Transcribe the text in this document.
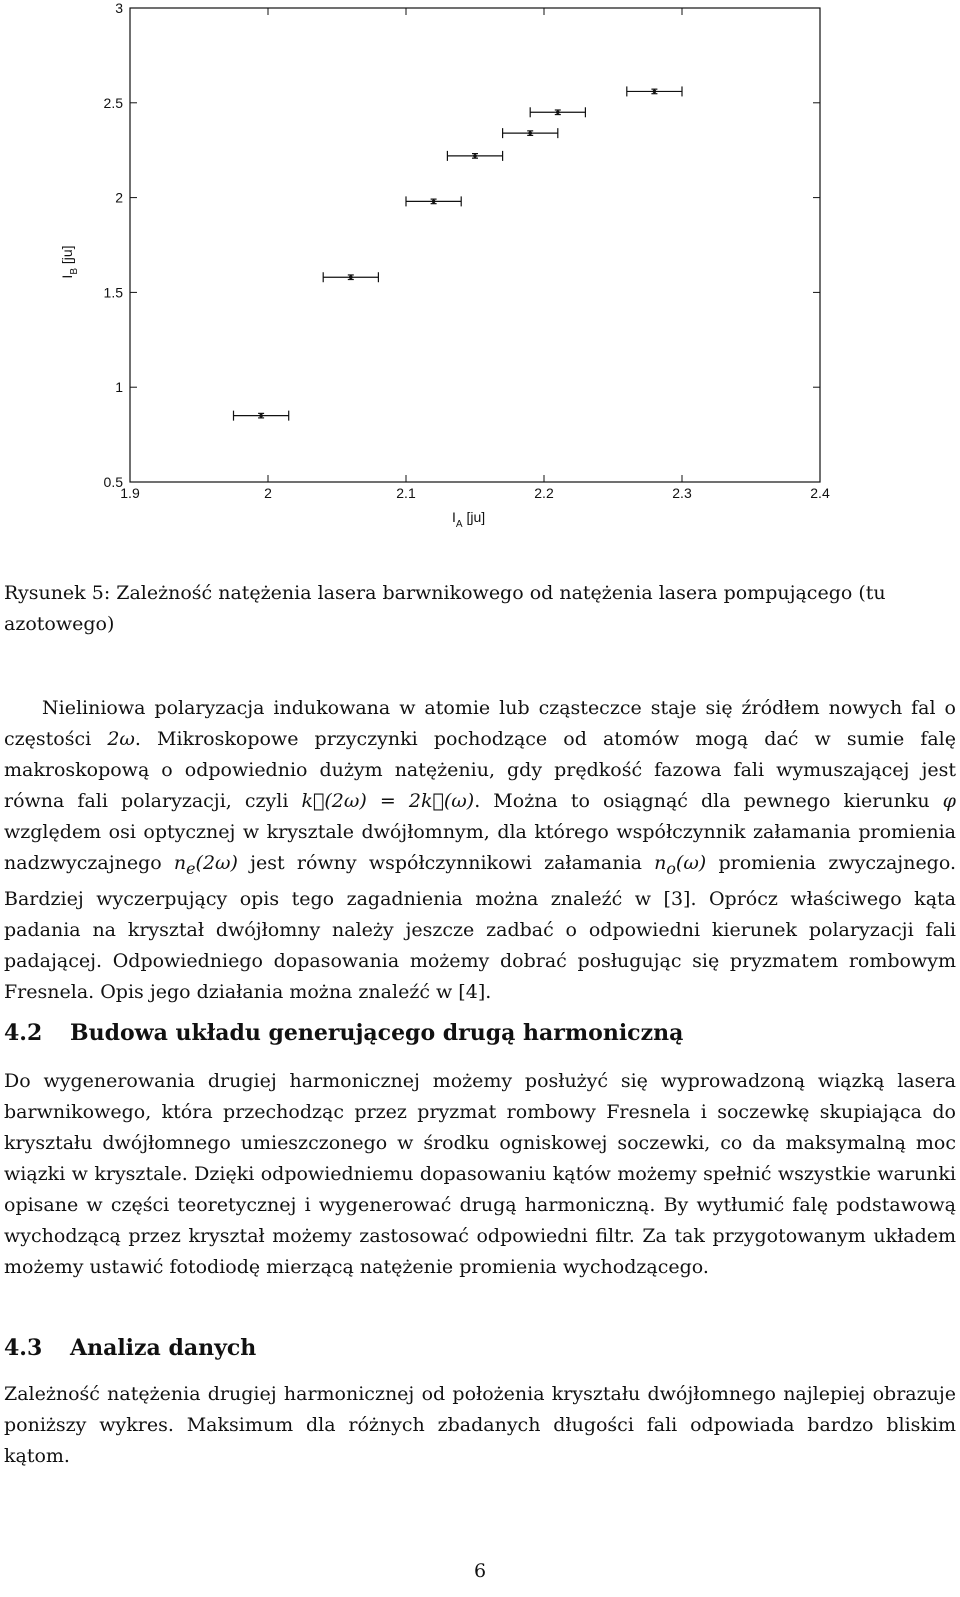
1.9	2	2.1	2.2	2.3	2.4
0.5
1
1.5
2
2.5
3
$I_A$ [ju]
$I_B$ [ju]
Rysunek 5: Zależność natężenia lasera barwnikowego od natężenia lasera pompującego (tu azotowego)
Nieliniowa polaryzacja indukowana w atomie lub cząsteczce staje się źródłem nowych fal o częstości 2ω. Mikroskopowe przyczynki pochodzące od atomów mogą dać w sumie falę makroskopową o odpowiednio dużym natężeniu, gdy prędkość fazowa fali wymuszającej jest równa fali polaryzacji, czyli k⃗(2ω) = 2k⃗(ω). Można to osiągnąć dla pewnego kierunku φ względem osi optycznej w krysztale dwójłomnym, dla którego współczynnik załamania promienia nadzwyczajnego $n_e(2\omega)$ jest równy współczynnikowi załamania $n_o(\omega)$ promienia zwyczajnego. Bardziej wyczerpujący opis tego zagadnienia można znaleźć w [3]. Oprócz właściwego kąta padania na kryształ dwójłomny należy jeszcze zadbać o odpowiedni kierunek polaryzacji fali padającej. Odpowiedniego dopasowania możemy dobrać posługując się pryzmatem rombowym Fresnela. Opis jego działania można znaleźć w [4].
4.2 Budowa układu generującego drugą harmoniczną
Do wygenerowania drugiej harmonicznej możemy posłużyć się wyprowadzoną wiązką lasera barwnikowego, która przechodząc przez pryzmat rombowy Fresnela i soczewkę skupiająca do kryształu dwójłomnego umieszczonego w środku ogniskowej soczewki, co da maksymalną moc wiązki w krysztale. Dzięki odpowiedniemu dopasowaniu kątów możemy spełnić wszystkie warunki opisane w części teoretycznej i wygenerować drugą harmoniczną. By wytłumić falę podstawową wychodzącą przez kryształ możemy zastosować odpowiedni filtr. Za tak przygotowanym układem możemy ustawić fotodiodę mierzącą natężenie promienia wychodzącego.
4.3 Analiza danych
Zależność natężenia drugiej harmonicznej od położenia kryształu dwójłomnego najlepiej obrazuje poniższy wykres. Maksimum dla różnych zbadanych długości fali odpowiada bardzo bliskim kątom.
6
